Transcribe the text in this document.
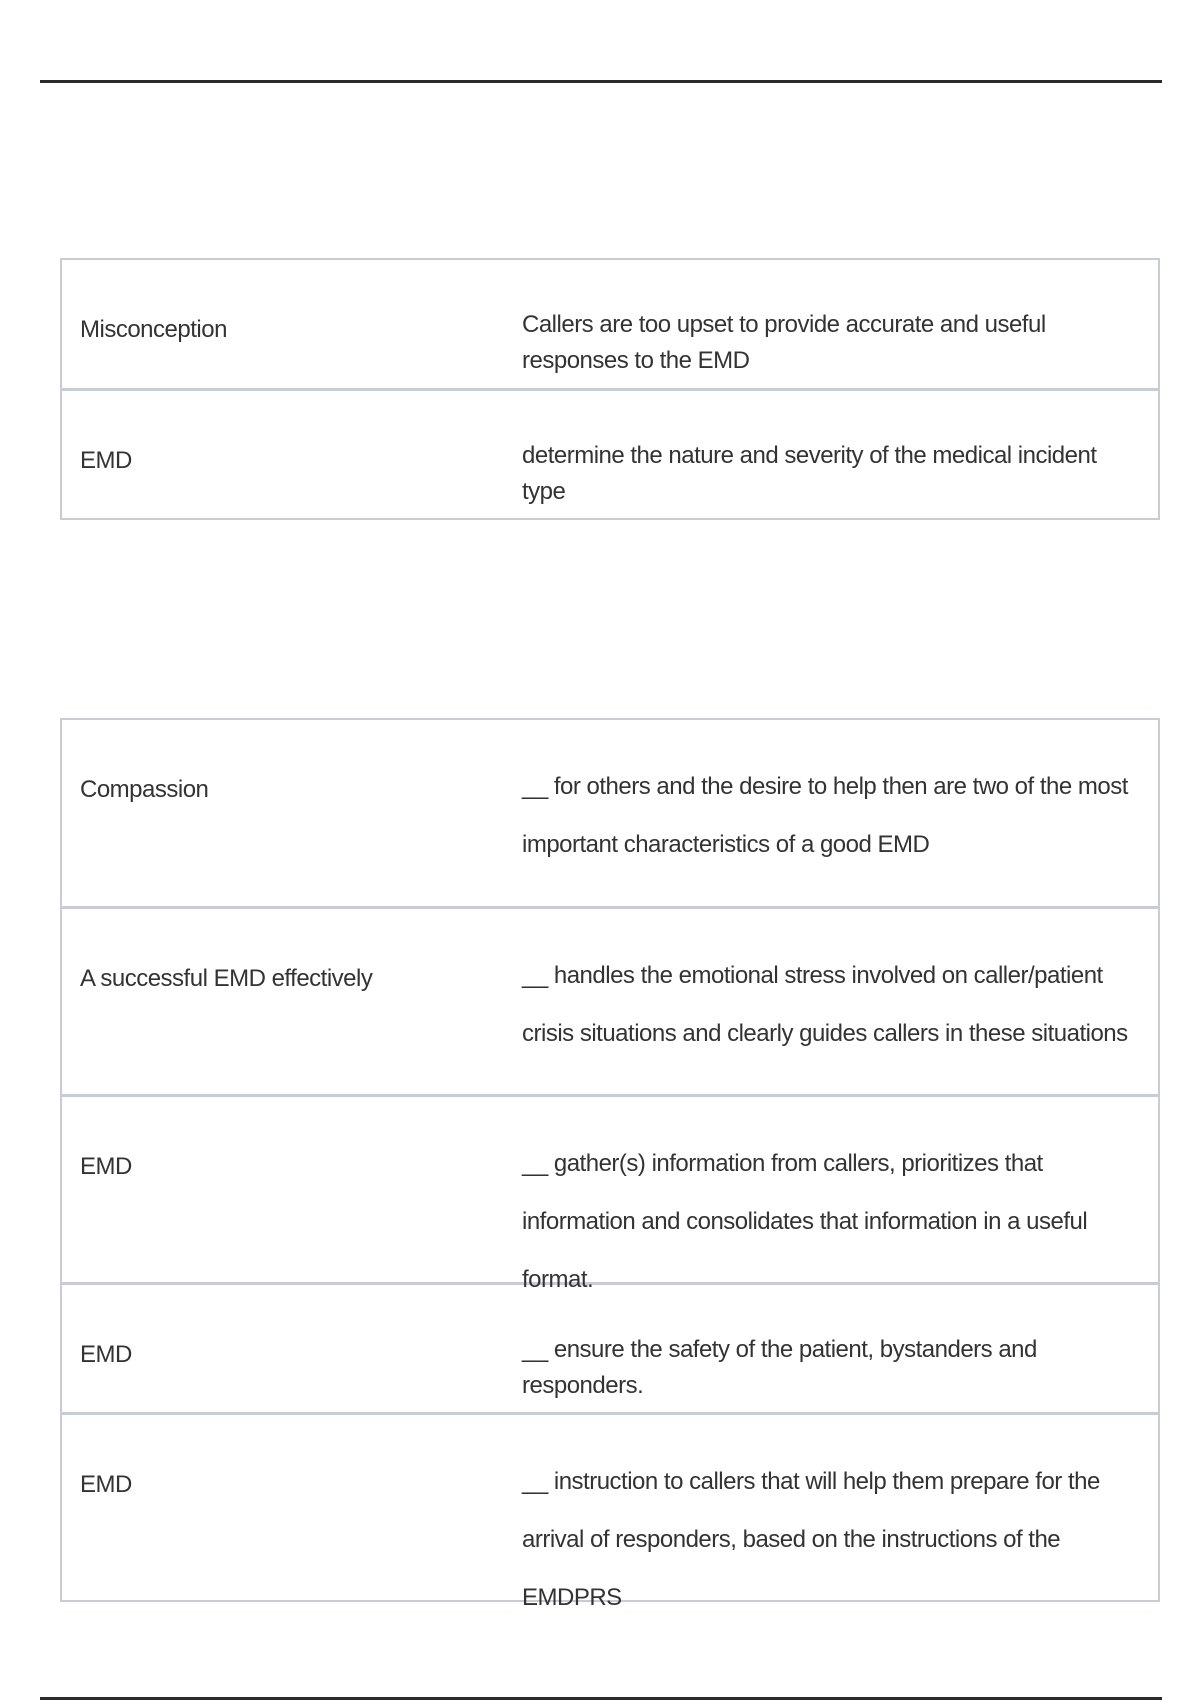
Misconception	Callers are too upset to provide accurate and useful responses to the EMD
EMD	determine the nature and severity of the medical incident type
Compassion	__ for others and the desire to help then are two of the most important characteristics of a good EMD
A successful EMD effectively	__ handles the emotional stress involved on caller/patient crisis situations and clearly guides callers in these situations
EMD	__ gather(s) information from callers, prioritizes that information and consolidates that information in a useful format.
EMD	__ ensure the safety of the patient, bystanders and responders.
EMD	__ instruction to callers that will help them prepare for the arrival of responders, based on the instructions of the EMDPRS
